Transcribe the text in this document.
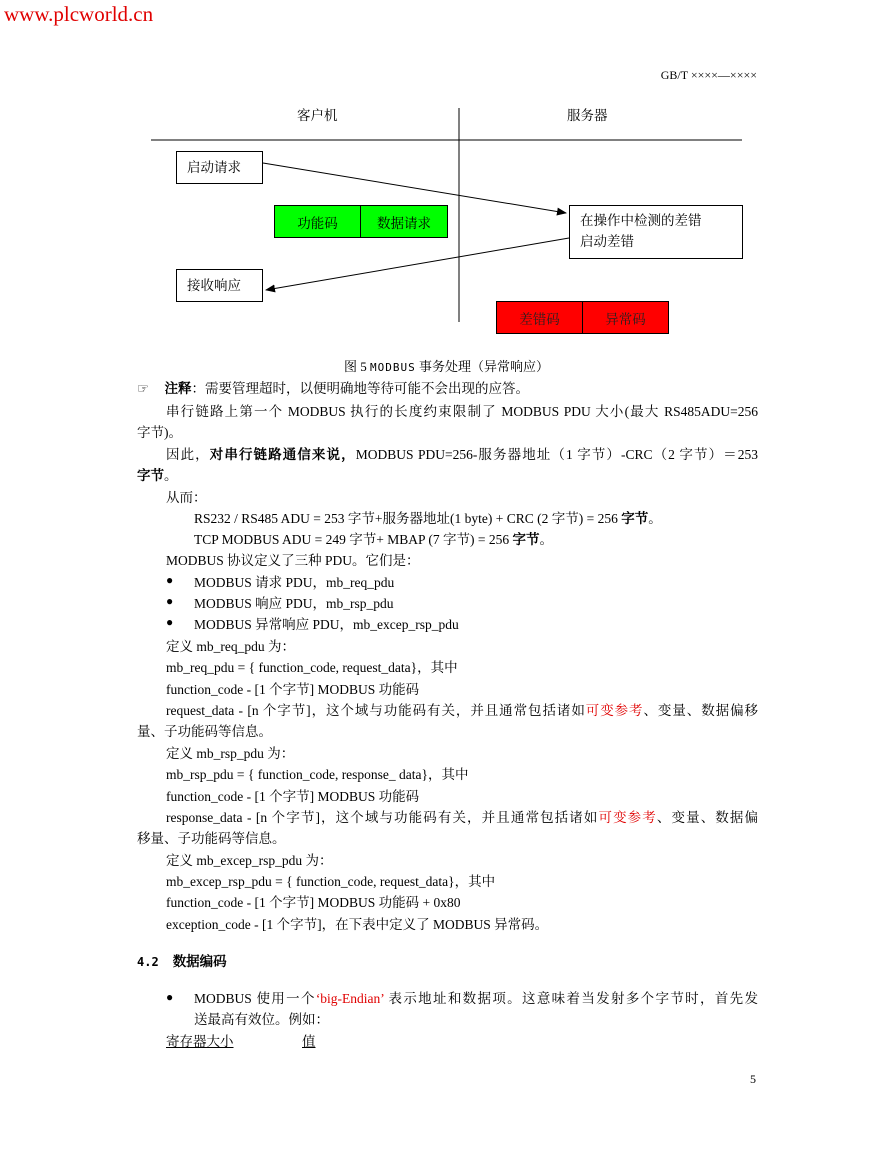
www.plcworld.cn
GB/T ××××—××××
客户机	服务器
启动请求
功能码	数据请求	在操作中检测的差错
启动差错
接收响应
差错码	异常码
图 5 MODBUS 事务处理（异常响应）
☞ 注释：需要管理超时，以便明确地等待可能不会出现的应答。
串行链路上第一个 MODBUS 执行的长度约束限制了 MODBUS PDU 大小(最大 RS485ADU=256
字节)。
因此，对串行链路通信来说，MODBUS PDU=256-服务器地址（1 字节）-CRC（2 字节）＝253
字节。
从而：
RS232 / RS485 ADU = 253 字节+服务器地址(1 byte) + CRC (2 字节) = 256 字节。
TCP MODBUS ADU = 249 字节+ MBAP (7 字节) = 256 字节。
MODBUS 协议定义了三种 PDU。它们是：
● MODBUS 请求 PDU，mb_req_pdu
● MODBUS 响应 PDU，mb_rsp_pdu
● MODBUS 异常响应 PDU，mb_excep_rsp_pdu
定义 mb_req_pdu 为：
mb_req_pdu = { function_code, request_data}，其中
function_code - [1 个字节] MODBUS 功能码
request_data - [n 个字节]，这个域与功能码有关，并且通常包括诸如可变参考、变量、数据偏移
量、子功能码等信息。
定义 mb_rsp_pdu 为：
mb_rsp_pdu = { function_code, response_ data}，其中
function_code - [1 个字节] MODBUS 功能码
response_data - [n 个字节]，这个域与功能码有关，并且通常包括诸如可变参考、变量、数据偏
移量、子功能码等信息。
定义 mb_excep_rsp_pdu 为：
mb_excep_rsp_pdu = { function_code, request_data}，其中
function_code - [1 个字节] MODBUS 功能码 + 0x80
exception_code - [1 个字节]，在下表中定义了 MODBUS 异常码。
4.2 数据编码
● MODBUS 使用一个‘big-Endian’ 表示地址和数据项。这意味着当发射多个字节时，首先发
送最高有效位。例如：
寄存器大小	值
5
